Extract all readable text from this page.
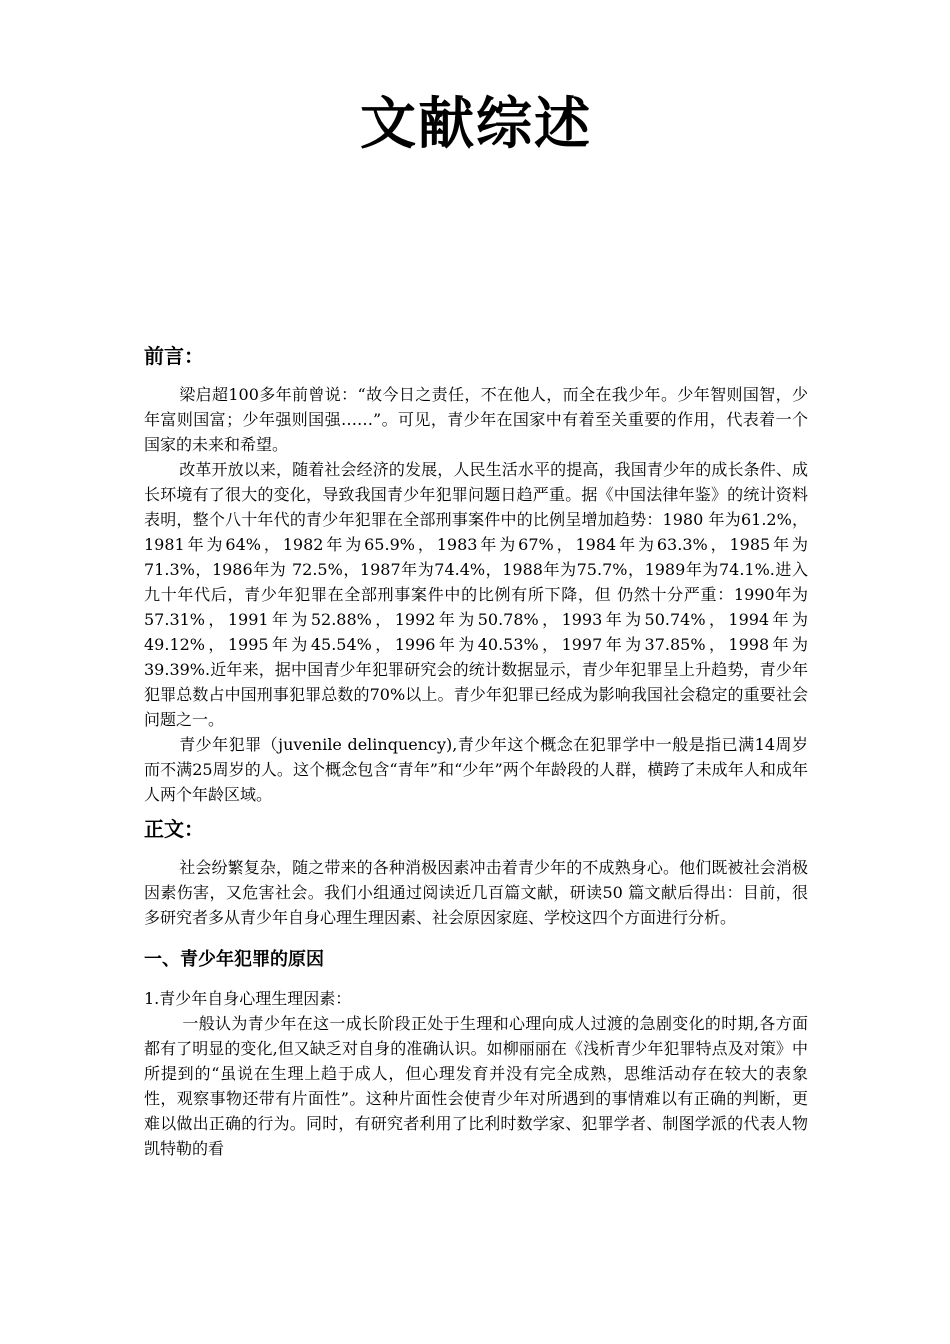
文献综述
前言：

梁启超100多年前曾说：“故今日之责任，不在他人，而全在我少年。少年智则国智，少年富则国富；少年强则国强……”。可见，青少年在国家中有着至关重要的作用，代表着一个国家的未来和希望。

改革开放以来，随着社会经济的发展，人民生活水平的提高，我国青少年的成长条件、成长环境有了很大的变化，导致我国青少年犯罪问题日趋严重。据《中国法律年鉴》的统计资料表明，整个八十年代的青少年犯罪在全部刑事案件中的比例呈增加趋势：1980 年为61.2%，1981年为64%，1982年为65.9%，1983年为67%，1984年为63.3%，1985年为71.3%，1986年为 72.5%，1987年为74.4%，1988年为75.7%，1989年为74.1%.进入九十年代后，青少年犯罪在全部刑事案件中的比例有所下降，但 仍然十分严重：1990年为57.31%，1991年为52.88%，1992年为50.78%，1993年为50.74%，1994年为 49.12%，1995年为45.54%，1996年为40.53%，1997年为37.85%，1998年为39.39%.近年来，据中国青少年犯罪研究会的统计数据显示，青少年犯罪呈上升趋势，青少年犯罪总数占中国刑事犯罪总数的70%以上。青少年犯罪已经成为影响我国社会稳定的重要社会问题之一。

青少年犯罪（juvenile delinquency),青少年这个概念在犯罪学中一般是指已满14周岁而不满25周岁的人。这个概念包含“青年”和“少年”两个年龄段的人群，横跨了未成年人和成年人两个年龄区域。

正文：

社会纷繁复杂，随之带来的各种消极因素冲击着青少年的不成熟身心。他们既被社会消极因素伤害，又危害社会。我们小组通过阅读近几百篇文献，研读50 篇文献后得出：目前，很多研究者多从青少年自身心理生理因素、社会原因家庭、学校这四个方面进行分析。

一、青少年犯罪的原因

1.青少年自身心理生理因素：

一般认为青少年在这一成长阶段正处于生理和心理向成人过渡的急剧变化的时期,各方面都有了明显的变化,但又缺乏对自身的准确认识。如柳丽丽在《浅析青少年犯罪特点及对策》中所提到的“虽说在生理上趋于成人，但心理发育并没有完全成熟，思维活动存在较大的表象性，观察事物还带有片面性”。这种片面性会使青少年对所遇到的事情难以有正确的判断，更难以做出正确的行为。同时，有研究者利用了比利时数学家、犯罪学者、制图学派的代表人物凯特勒的看
